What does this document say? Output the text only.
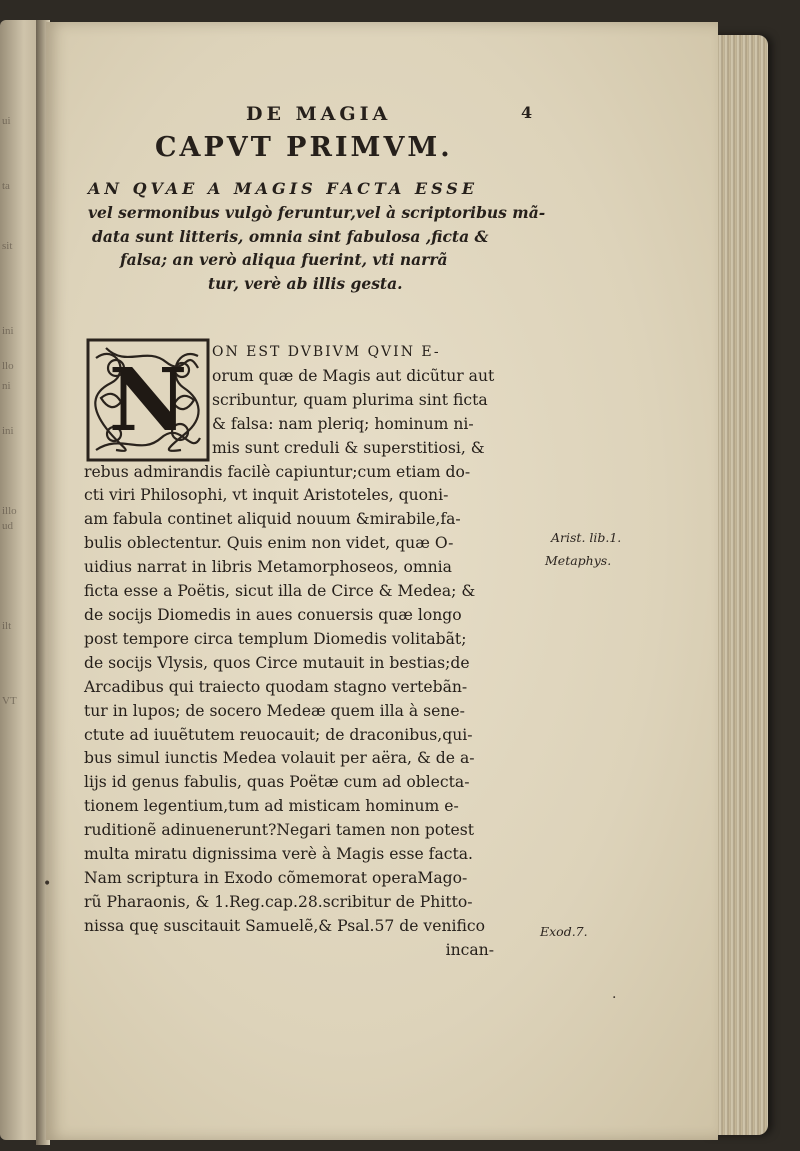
ui
ta
sit
ini
llo
ni
ini
illo
ud
ilt
VT
DE MAGIA	4
CAPVT PRIMVM.
AN QVAE A MAGIS FACTA ESSE
vel sermonibus vulgò feruntur,vel à scriptoribus mã-
data sunt litteris, omnia sint fabulosa ,ficta &
falsa; an verò aliqua fuerint, vti narrã
tur, verè ab illis gesta.
N	ON EST DVBIVM QVIN E-
orum quæ de Magis aut dicũtur aut
scribuntur, quam plurima sint ficta
& falsa: nam pleriq; hominum ni-
mis sunt creduli & superstitiosi, &
rebus admirandis facilè capiuntur;cum etiam do-
cti viri Philosophi, vt inquit Aristoteles, quoni-
am fabula continet aliquid nouum &mirabile,fa-
bulis oblectentur. Quis enim non videt, quæ O-
uidius narrat in libris Metamorphoseos, omnia
ficta esse a Poëtis, sicut illa de Circe & Medea; &
de socijs Diomedis in aues conuersis quæ longo
post tempore circa templum Diomedis volitabãt;
de socijs Vlysis, quos Circe mutauit in bestias;de
Arcadibus qui traiecto quodam stagno vertebãn-
tur in lupos; de socero Medeæ quem illa à sene-
ctute ad iuuẽtutem reuocauit; de draconibus,qui-
bus simul iunctis Medea volauit per aëra, & de a-
lijs id genus fabulis, quas Poëtæ cum ad oblecta-
tionem legentium,tum ad misticam hominum e-
ruditionẽ adinuenerunt?Negari tamen non potest
multa miratu dignissima verè à Magis esse facta.
Nam scriptura in Exodo cõmemorat operaMago-
rũ Pharaonis, & 1.Reg.cap.28.scribitur de Phitto-
nissa quę suscitauit Samuelẽ,& Psal.57 de venifico
incan-
Arist. lib.1.
Metaphys.
Exod.7.
•
·
